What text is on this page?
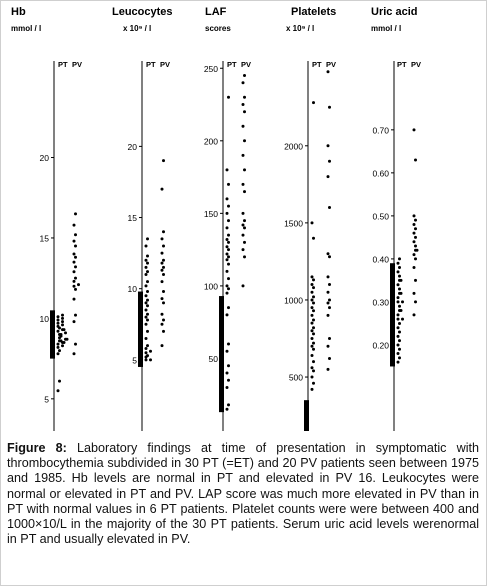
Hb
mmol / l
PT PV
5
10
15
20
Leucocytes
x 10⁹ / l
PT PV
5
10
15
20
LAF
scores
PT PV
50
100
150
200
250
Platelets
x 10⁹ / l
PT PV
500
1000
1500
2000
Uric acid
mmol / l
PT PV
0.20
0.30
0.40
0.50
0.60
0.70

Figure 8: Laboratory findings at time of presentation in symptomatic with thrombocythemia subdivided in 30 PT (=ET) and 20 PV patients seen between 1975 and 1985. Hb levels are normal in PT and elevated in PV 16. Leukocytes were normal or elevated in PT and PV. LAP score was much more elevated in PV than in PT with normal values in 6 PT patients. Platelet counts were were between 400 and 1000×10/L in the majority of the 30 PT patients. Serum uric acid levels werenormal in PT and usually elevated in PV.
